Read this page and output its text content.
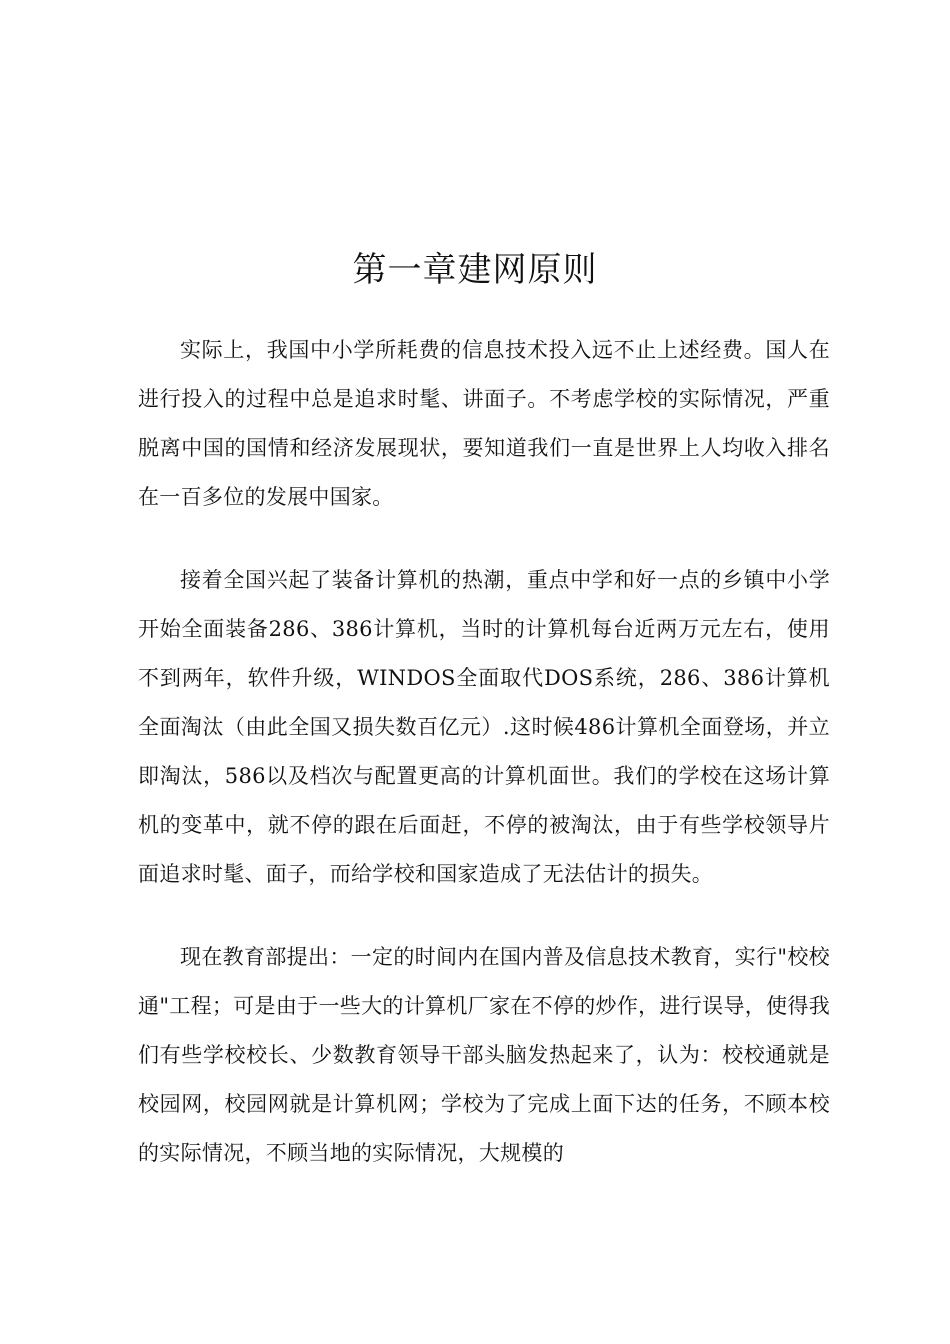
第一章建网原则

实际上，我国中小学所耗费的信息技术投入远不止上述经费。国人在进行投入的过程中总是追求时髦、讲面子。不考虑学校的实际情况，严重脱离中国的国情和经济发展现状，要知道我们一直是世界上人均收入排名在一百多位的发展中国家。

接着全国兴起了装备计算机的热潮，重点中学和好一点的乡镇中小学开始全面装备286、386计算机，当时的计算机每台近两万元左右，使用不到两年，软件升级，WINDOS全面取代DOS系统，286、386计算机全面淘汰（由此全国又损失数百亿元）.这时候486计算机全面登场，并立即淘汰，586以及档次与配置更高的计算机面世。我们的学校在这场计算机的变革中，就不停的跟在后面赶，不停的被淘汰，由于有些学校领导片面追求时髦、面子，而给学校和国家造成了无法估计的损失。

现在教育部提出：一定的时间内在国内普及信息技术教育，实行"校校通"工程；可是由于一些大的计算机厂家在不停的炒作，进行误导，使得我们有些学校校长、少数教育领导干部头脑发热起来了，认为：校校通就是校园网，校园网就是计算机网；学校为了完成上面下达的任务，不顾本校的实际情况，不顾当地的实际情况，大规模的
